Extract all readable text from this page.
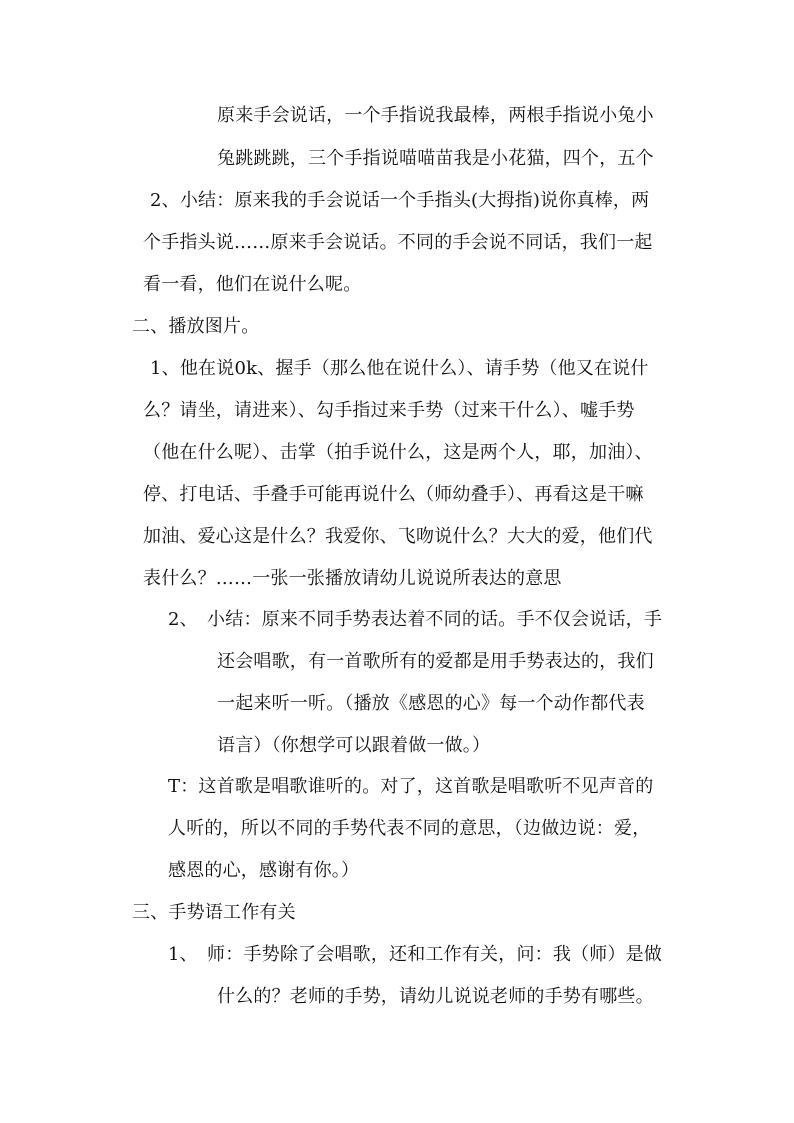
原来手会说话，一个手指说我最棒，两根手指说小兔小
兔跳跳跳，三个手指说喵喵苗我是小花猫，四个，五个
2、小结：原来我的手会说话一个手指头(大拇指)说你真棒，两
个手指头说……原来手会说话。不同的手会说不同话，我们一起
看一看，他们在说什么呢。
二、播放图片。
1、他在说0k、握手（那么他在说什么）、请手势（他又在说什
么？请坐，请进来）、勾手指过来手势（过来干什么）、嘘手势
（他在什么呢）、击掌（拍手说什么，这是两个人，耶，加油）、
停、打电话、手叠手可能再说什么（师幼叠手）、再看这是干嘛
加油、爱心这是什么？我爱你、飞吻说什么？大大的爱，他们代
表什么？……一张一张播放请幼儿说说所表达的意思
2、　小结：原来不同手势表达着不同的话。手不仅会说话，手
还会唱歌，有一首歌所有的爱都是用手势表达的，我们
一起来听一听。（播放《感恩的心》每一个动作都代表
语言）（你想学可以跟着做一做。）
T：这首歌是唱歌谁听的。对了，这首歌是唱歌听不见声音的
人听的，所以不同的手势代表不同的意思，（边做边说：爱，
感恩的心，感谢有你。）
三、手势语工作有关
1、　师：手势除了会唱歌，还和工作有关，问：我（师）是做
什么的？老师的手势，请幼儿说说老师的手势有哪些。
